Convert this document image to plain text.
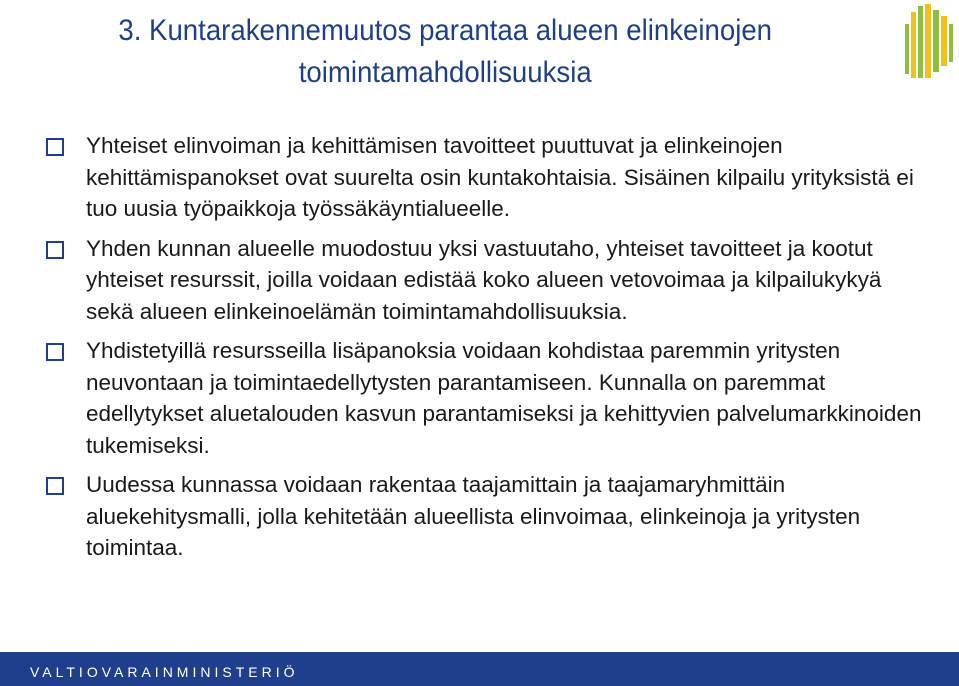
3. Kuntarakennemuutos parantaa alueen elinkeinojen
toimintamahdollisuuksia
Yhteiset elinvoiman ja kehittämisen tavoitteet puuttuvat ja elinkeinojen kehittämispanokset ovat suurelta osin kuntakohtaisia. Sisäinen kilpailu yrityksistä ei tuo uusia työpaikkoja työssäkäyntialueelle.
Yhden kunnan alueelle muodostuu yksi vastuutaho, yhteiset tavoitteet ja kootut yhteiset resurssit, joilla voidaan edistää koko alueen vetovoimaa ja kilpailukykyä sekä alueen elinkeinoelämän toimintamahdollisuuksia.
Yhdistetyillä resursseilla lisäpanoksia voidaan kohdistaa paremmin yritysten neuvontaan ja toimintaedellytysten parantamiseen. Kunnalla on paremmat edellytykset aluetalouden kasvun parantamiseksi ja kehittyvien palvelumarkkinoiden tukemiseksi.
Uudessa kunnassa voidaan rakentaa taajamittain ja taajamaryhmittäin aluekehitysmalli, jolla kehitetään alueellista elinvoimaa, elinkeinoja ja yritysten toimintaa.
VALTIOVARAINMINISTERIÖ
